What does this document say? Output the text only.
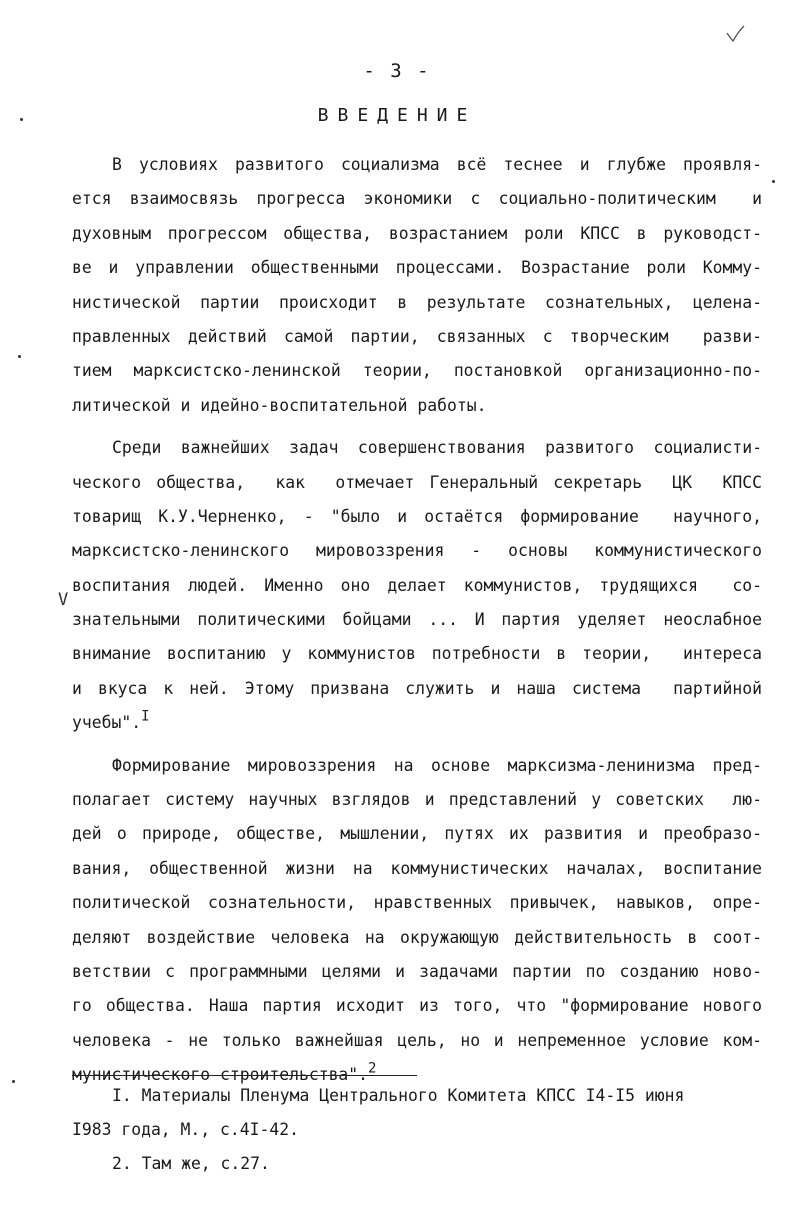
- 3 -
ВВЕДЕНИЕ
В условиях развитого социализма всё теснее и глубже проявля-
ется взаимосвязь прогресса экономики с социально-политическим  и
духовным прогрессом общества, возрастанием роли КПСС в руководст-
ве и управлении общественными процессами. Возрастание роли Комму-
нистической партии происходит в результате сознательных, целена-
правленных действий самой партии, связанных с творческим  разви-
тием марксистско-ленинской теории, постановкой организационно-по-
литической и идейно-воспитательной работы.
Среди важнейших задач совершенствования развитого социалисти-
ческого общества,  как  отмечает Генеральный секретарь  ЦК  КПСС
товарищ К.У.Черненко, - "было и остаётся формирование  научного,
марксистско-ленинского мировоззрения - основы коммунистического
воспитания людей. Именно оно делает коммунистов, трудящихся  со-
знательными политическими бойцами ... И партия уделяет неослабное
внимание воспитанию у коммунистов потребности в теории,  интереса
и вкуса к ней. Этому призвана служить и наша система  партийной
учебы".$^I$
Формирование мировоззрения на основе марксизма-ленинизма пред-
полагает систему научных взглядов и представлений у советских  лю-
дей о природе, обществе, мышлении, путях их развития и преобразо-
вания, общественной жизни на коммунистических началах, воспитание
политической сознательности, нравственных привычек, навыков, опре-
деляют воздействие человека на окружающую действительность в соот-
ветствии с программными целями и задачами партии по созданию ново-
го общества. Наша партия исходит из того, что "формирование нового
человека - не только важнейшая цель, но и непременное условие ком-
мунистического строительства".$^2$
I. Материалы Пленума Центрального Комитета КПСС I4-I5 июня
I983 года, М., с.4I-42.
2. Там же, с.27.
V
